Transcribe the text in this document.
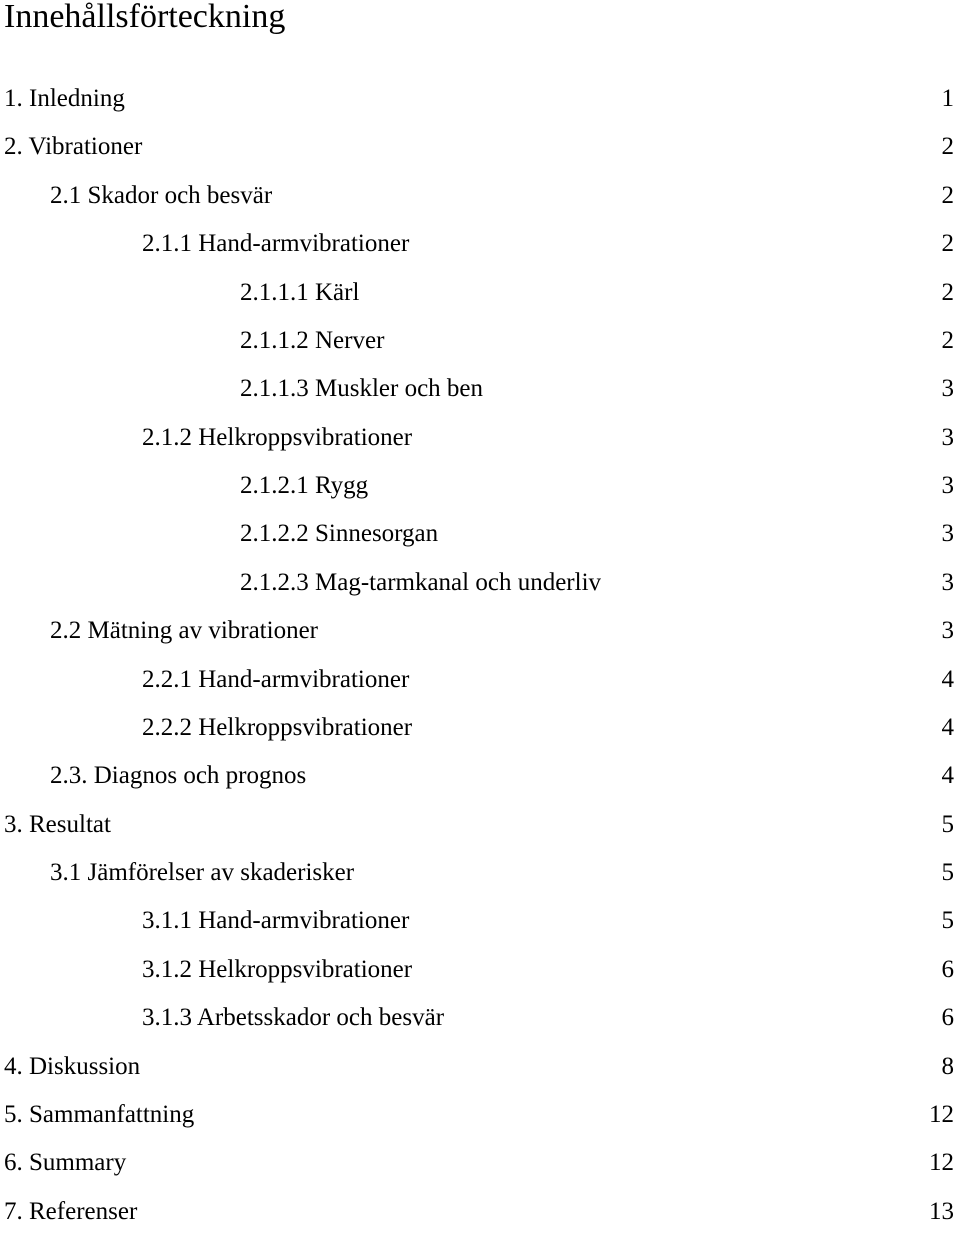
Innehållsförteckning
1. Inledning	1
2. Vibrationer	2
2.1 Skador och besvär	2
2.1.1 Hand-armvibrationer	2
2.1.1.1 Kärl	2
2.1.1.2 Nerver	2
2.1.1.3 Muskler och ben	3
2.1.2 Helkroppsvibrationer	3
2.1.2.1 Rygg	3
2.1.2.2 Sinnesorgan	3
2.1.2.3 Mag-tarmkanal och underliv	3
2.2 Mätning av vibrationer	3
2.2.1 Hand-armvibrationer	4
2.2.2 Helkroppsvibrationer	4
2.3. Diagnos och prognos	4
3. Resultat	5
3.1 Jämförelser av skaderisker	5
3.1.1 Hand-armvibrationer	5
3.1.2 Helkroppsvibrationer	6
3.1.3 Arbetsskador och besvär	6
4. Diskussion	8
5. Sammanfattning	12
6. Summary	12
7. Referenser	13
